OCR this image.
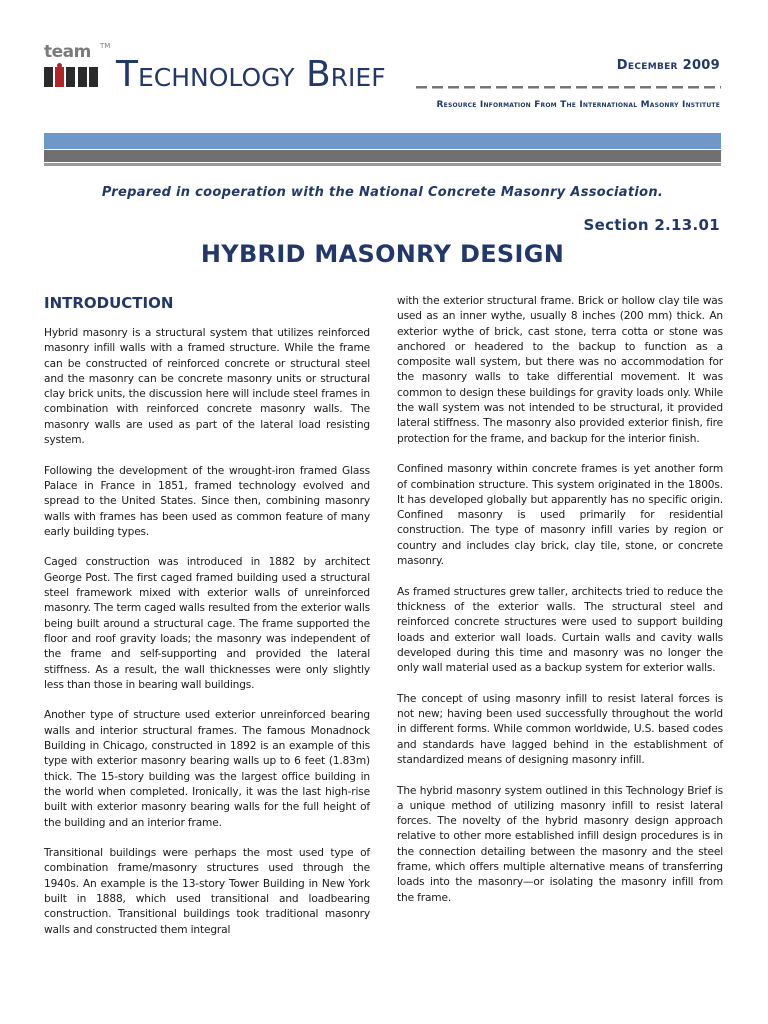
team TM
Technology Brief	December 2009
Resource Information From The International Masonry Institute
Prepared in cooperation with the National Concrete Masonry Association.
Section 2.13.01
HYBRID MASONRY DESIGN
INTRODUCTION

Hybrid masonry is a structural system that utilizes reinforced masonry infill walls with a framed structure. While the frame can be constructed of reinforced concrete or structural steel and the masonry can be concrete masonry units or structural clay brick units, the discussion here will include steel frames in combination with reinforced concrete masonry walls. The masonry walls are used as part of the lateral load resisting system.

Following the development of the wrought-iron framed Glass Palace in France in 1851, framed technology evolved and spread to the United States. Since then, combining masonry walls with frames has been used as common feature of many early building types.

Caged construction was introduced in 1882 by architect George Post. The first caged framed building used a structural steel framework mixed with exterior walls of unreinforced masonry. The term caged walls resulted from the exterior walls being built around a structural cage. The frame supported the floor and roof gravity loads; the masonry was independent of the frame and self-supporting and provided the lateral stiffness. As a result, the wall thicknesses were only slightly less than those in bearing wall buildings.

Another type of structure used exterior unreinforced bearing walls and interior structural frames. The famous Monadnock Building in Chicago, constructed in 1892 is an example of this type with exterior masonry bearing walls up to 6 feet (1.83m) thick. The 15-story building was the largest office building in the world when completed. Ironically, it was the last high-rise built with exterior masonry bearing walls for the full height of the building and an interior frame.

Transitional buildings were perhaps the most used type of combination frame/masonry structures used through the 1940s. An example is the 13-story Tower Building in New York built in 1888, which used transitional and loadbearing construction. Transitional buildings took traditional masonry walls and constructed them integral

with the exterior structural frame. Brick or hollow clay tile was used as an inner wythe, usually 8 inches (200 mm) thick. An exterior wythe of brick, cast stone, terra cotta or stone was anchored or headered to the backup to function as a composite wall system, but there was no accommodation for the masonry walls to take differential movement. It was common to design these buildings for gravity loads only. While the wall system was not intended to be structural, it provided lateral stiffness. The masonry also provided exterior finish, fire protection for the frame, and backup for the interior finish.

Confined masonry within concrete frames is yet another form of combination structure. This system originated in the 1800s. It has developed globally but apparently has no specific origin. Confined masonry is used primarily for residential construction. The type of masonry infill varies by region or country and includes clay brick, clay tile, stone, or concrete masonry.

As framed structures grew taller, architects tried to reduce the thickness of the exterior walls. The structural steel and reinforced concrete structures were used to support building loads and exterior wall loads. Curtain walls and cavity walls developed during this time and masonry was no longer the only wall material used as a backup system for exterior walls.

The concept of using masonry infill to resist lateral forces is not new; having been used successfully throughout the world in different forms. While common worldwide, U.S. based codes and standards have lagged behind in the establishment of standardized means of designing masonry infill.

The hybrid masonry system outlined in this Technology Brief is a unique method of utilizing masonry infill to resist lateral forces. The novelty of the hybrid masonry design approach relative to other more established infill design procedures is in the connection detailing between the masonry and the steel frame, which offers multiple alternative means of transferring loads into the masonry—or isolating the masonry infill from the frame.
